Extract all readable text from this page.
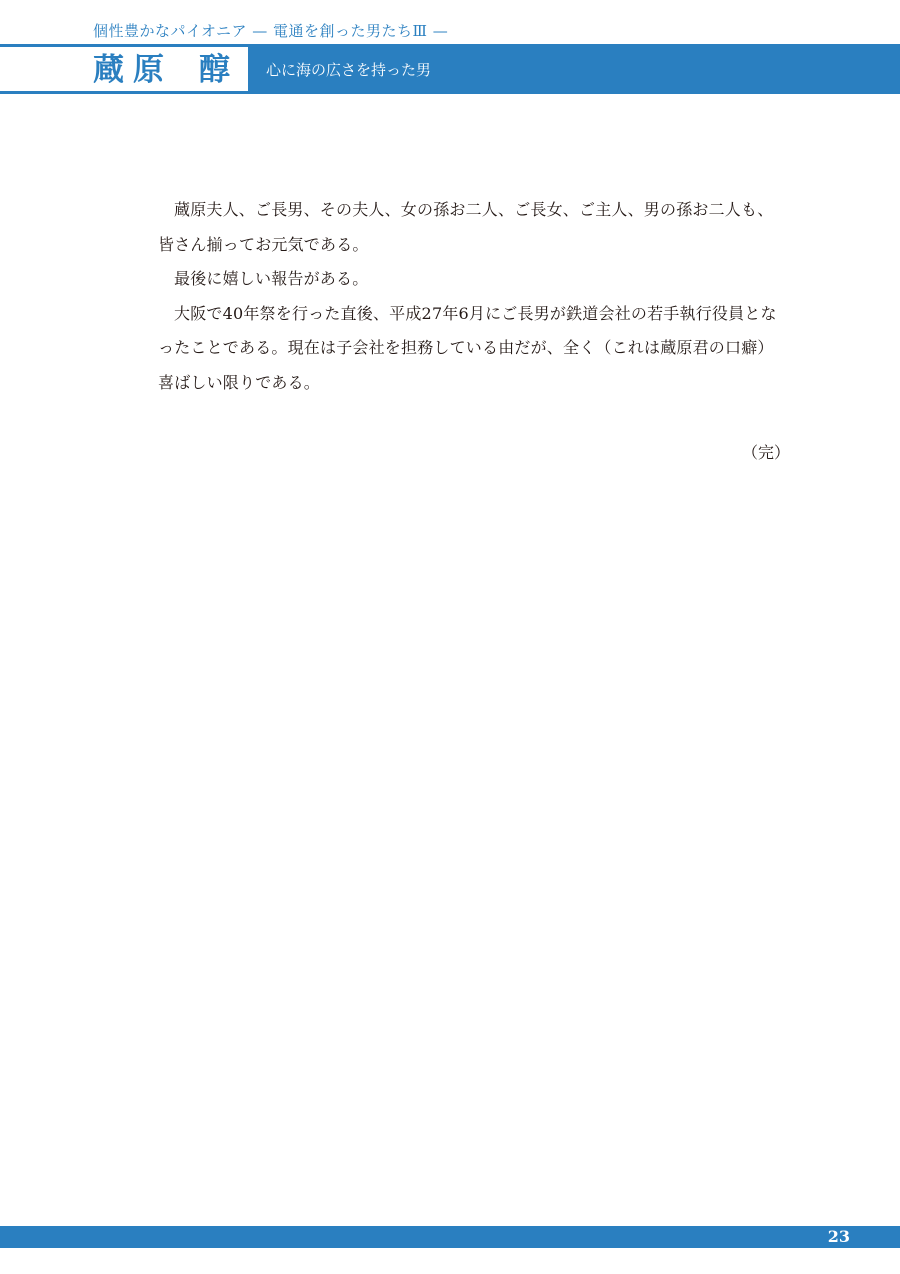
個性豊かなパイオニア — 電通を創った男たちⅢ —
蔵原 醇 心に海の広さを持った男

蔵原夫人、ご長男、その夫人、女の孫お二人、ご長女、ご主人、男の孫お二人も、皆さん揃ってお元気である。

最後に嬉しい報告がある。

大阪で40年祭を行った直後、平成27年6月にご長男が鉄道会社の若手執行役員となったことである。現在は子会社を担務している由だが、全く（これは蔵原君の口癖）喜ばしい限りである。

（完）
23
